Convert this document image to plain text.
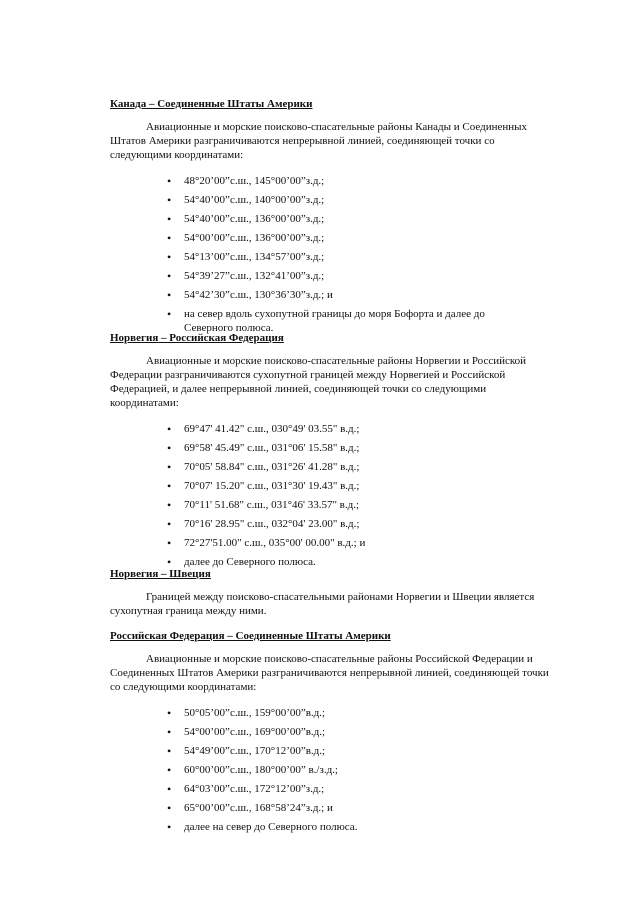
Канада – Соединенные Штаты Америки

Авиационные и морские поисково-спасательные районы Канады и Соединенных Штатов Америки разграничиваются непрерывной линией, соединяющей точки со следующими координатами:

• 48°20’00”с.ш., 145°00’00”з.д.;
• 54°40’00”с.ш., 140°00’00”з.д.;
• 54°40’00”с.ш., 136°00’00”з.д.;
• 54°00’00”с.ш., 136°00’00”з.д.;
• 54°13’00”с.ш., 134°57’00”з.д.;
• 54°39’27”с.ш., 132°41’00”з.д.;
• 54°42’30”с.ш., 130°36’30”з.д.; и
• на север вдоль сухопутной границы до моря Бофорта и далее до Северного полюса.

Норвегия – Российская Федерация

Авиационные и морские поисково-спасательные районы Норвегии и Российской Федерации разграничиваются сухопутной границей между Норвегией и Российской Федерацией, и далее непрерывной линией, соединяющей точки со следующими координатами:

• 69°47' 41.42" с.ш., 030°49' 03.55" в.д.;
• 69°58' 45.49" с.ш., 031°06' 15.58" в.д.;
• 70°05' 58.84" с.ш., 031°26' 41.28" в.д.;
• 70°07' 15.20" с.ш., 031°30' 19.43" в.д.;
• 70°11' 51.68" с.ш., 031°46' 33.57" в.д.;
• 70°16' 28.95" с.ш., 032°04' 23.00" в.д.;
• 72°27'51.00" с.ш., 035°00' 00.00" в.д.; и
• далее до Северного полюса.

Норвегия – Швеция

Границей между поисково-спасательными районами Норвегии и Швеции является сухопутная граница между ними.

Российская Федерация – Соединенные Штаты Америки

Авиационные и морские поисково-спасательные районы Российской Федерации и Соединенных Штатов Америки разграничиваются непрерывной линией, соединяющей точки со следующими координатами:

• 50°05’00”с.ш., 159°00’00”в.д.;
• 54°00’00”с.ш., 169°00’00”в.д.;
• 54°49’00”с.ш., 170°12’00”в.д.;
• 60°00’00”с.ш., 180°00’00” в./з.д.;
• 64°03’00”с.ш., 172°12’00”з.д.;
• 65°00’00”с.ш., 168°58’24”з.д.; и
• далее на север до Северного полюса.
